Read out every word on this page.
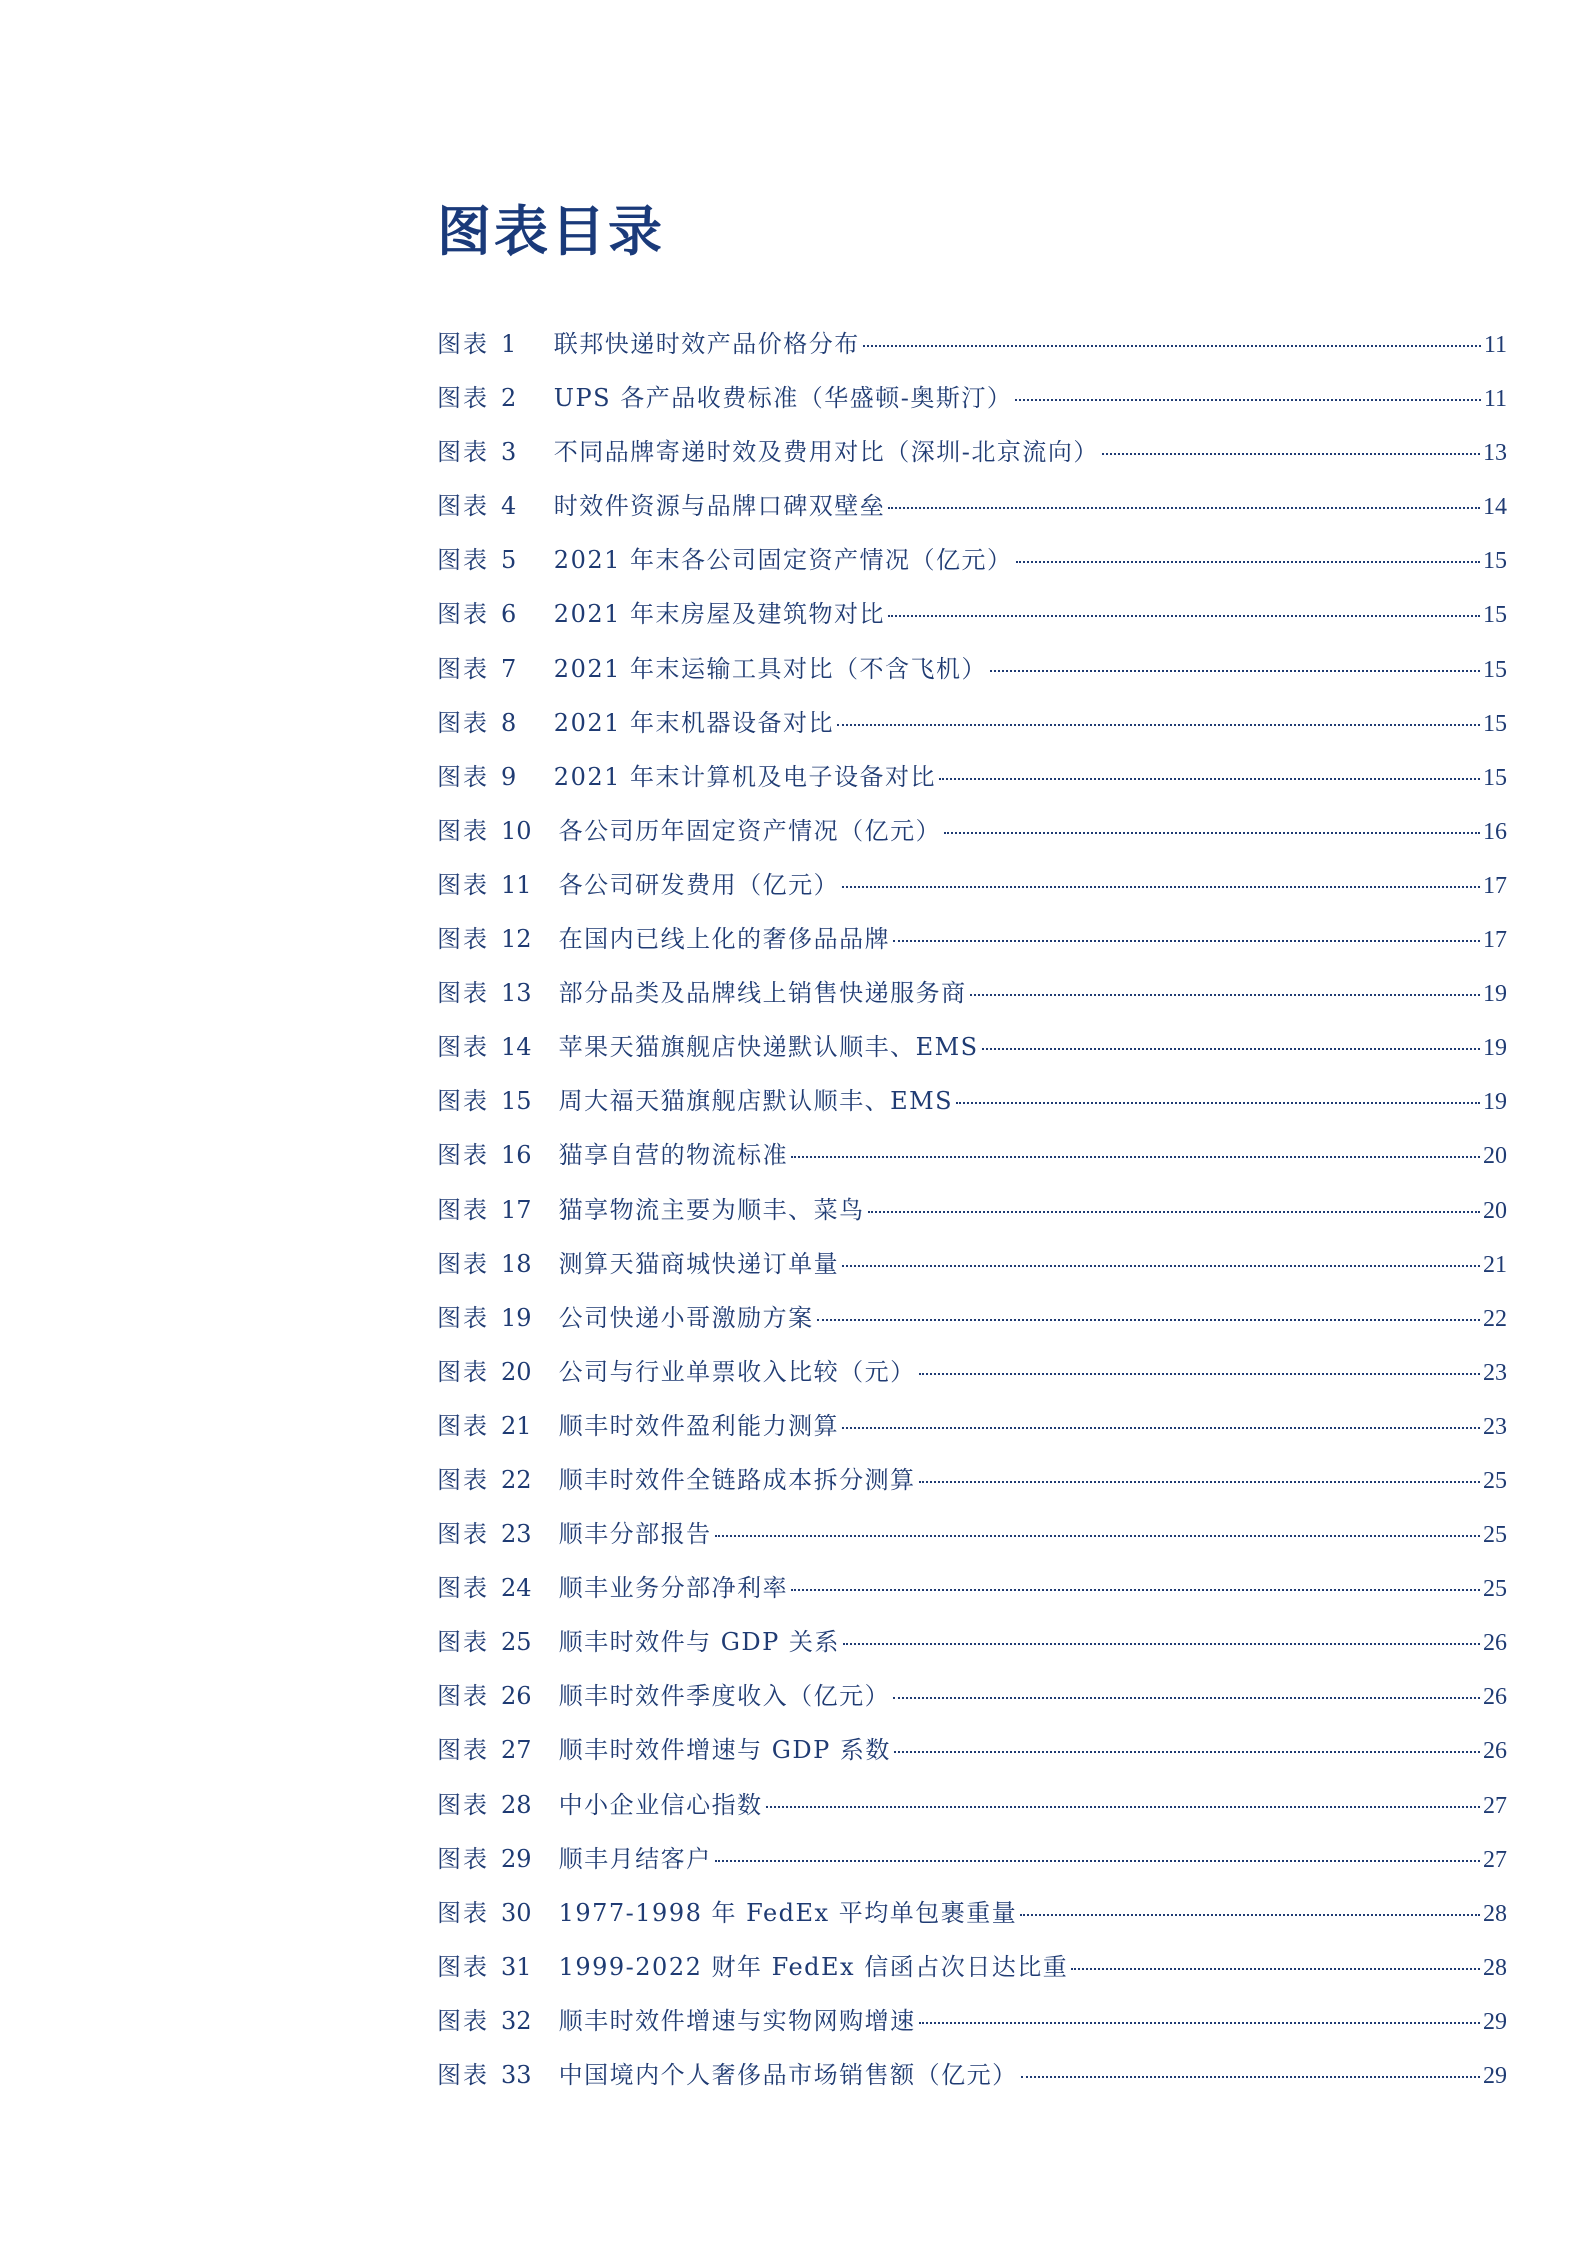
图表目录
图表 1	联邦快递时效产品价格分布	11
图表 2	UPS 各产品收费标准（华盛顿-奥斯汀）	11
图表 3	不同品牌寄递时效及费用对比（深圳-北京流向）	13
图表 4	时效件资源与品牌口碑双壁垒	14
图表 5	2021 年末各公司固定资产情况（亿元）	15
图表 6	2021 年末房屋及建筑物对比	15
图表 7	2021 年末运输工具对比（不含飞机）	15
图表 8	2021 年末机器设备对比	15
图表 9	2021 年末计算机及电子设备对比	15
图表 10	各公司历年固定资产情况（亿元）	16
图表 11	各公司研发费用（亿元）	17
图表 12	在国内已线上化的奢侈品品牌	17
图表 13	部分品类及品牌线上销售快递服务商	19
图表 14	苹果天猫旗舰店快递默认顺丰、EMS	19
图表 15	周大福天猫旗舰店默认顺丰、EMS	19
图表 16	猫享自营的物流标准	20
图表 17	猫享物流主要为顺丰、菜鸟	20
图表 18	测算天猫商城快递订单量	21
图表 19	公司快递小哥激励方案	22
图表 20	公司与行业单票收入比较（元）	23
图表 21	顺丰时效件盈利能力测算	23
图表 22	顺丰时效件全链路成本拆分测算	25
图表 23	顺丰分部报告	25
图表 24	顺丰业务分部净利率	25
图表 25	顺丰时效件与 GDP 关系	26
图表 26	顺丰时效件季度收入（亿元）	26
图表 27	顺丰时效件增速与 GDP 系数	26
图表 28	中小企业信心指数	27
图表 29	顺丰月结客户	27
图表 30	1977-1998 年 FedEx 平均单包裹重量	28
图表 31	1999-2022 财年 FedEx 信函占次日达比重	28
图表 32	顺丰时效件增速与实物网购增速	29
图表 33	中国境内个人奢侈品市场销售额（亿元）	29
